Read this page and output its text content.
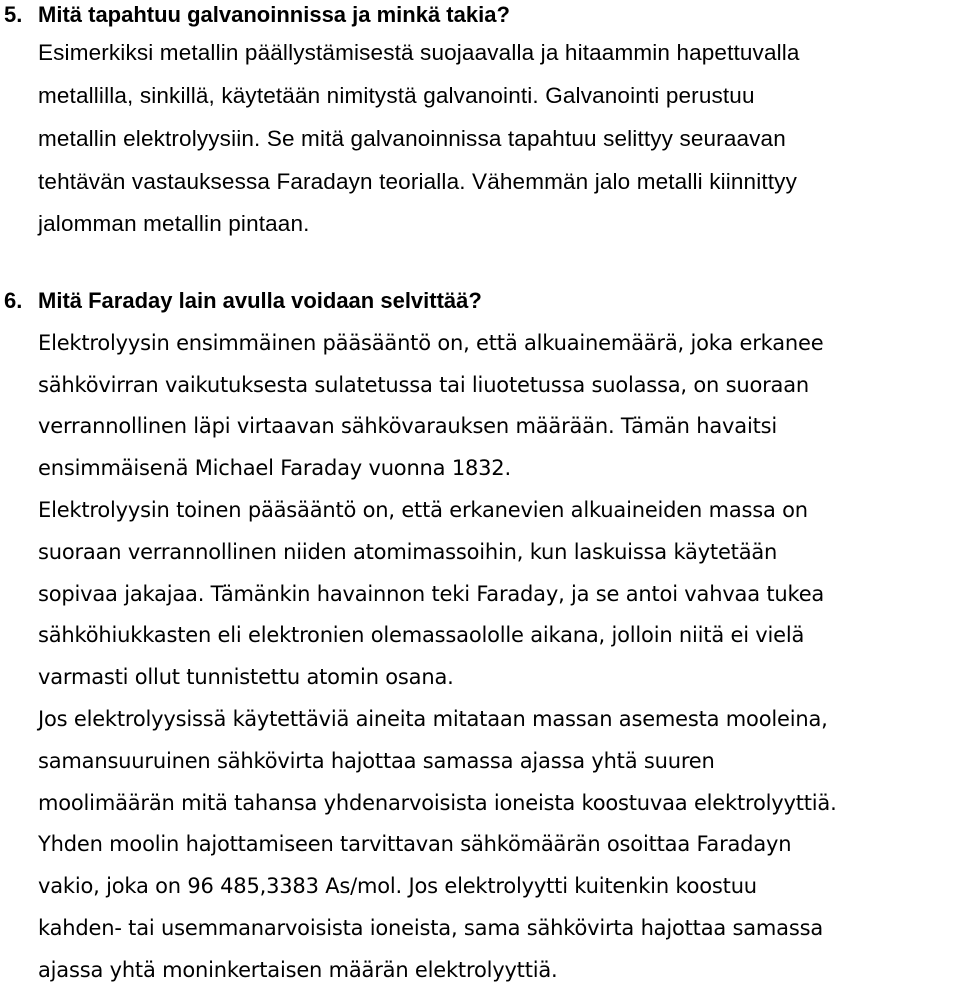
5. Mitä tapahtuu galvanoinnissa ja minkä takia?
Esimerkiksi metallin päällystämisestä suojaavalla ja hitaammin hapettuvalla
metallilla, sinkillä, käytetään nimitystä galvanointi. Galvanointi perustuu
metallin elektrolyysiin. Se mitä galvanoinnissa tapahtuu selittyy seuraavan
tehtävän vastauksessa Faradayn teorialla. Vähemmän jalo metalli kiinnittyy
jalomman metallin pintaan.
6. Mitä Faraday lain avulla voidaan selvittää?
Elektrolyysin ensimmäinen pääsääntö on, että alkuainemäärä, joka erkanee
sähkövirran vaikutuksesta sulatetussa tai liuotetussa suolassa, on suoraan
verrannollinen läpi virtaavan sähkövarauksen määrään. Tämän havaitsi
ensimmäisenä Michael Faraday vuonna 1832.
Elektrolyysin toinen pääsääntö on, että erkanevien alkuaineiden massa on
suoraan verrannollinen niiden atomimassoihin, kun laskuissa käytetään
sopivaa jakajaa. Tämänkin havainnon teki Faraday, ja se antoi vahvaa tukea
sähköhiukkasten eli elektronien olemassaololle aikana, jolloin niitä ei vielä
varmasti ollut tunnistettu atomin osana.
Jos elektrolyysissä käytettäviä aineita mitataan massan asemesta mooleina,
samansuuruinen sähkövirta hajottaa samassa ajassa yhtä suuren
moolimäärän mitä tahansa yhdenarvoisista ioneista koostuvaa elektrolyyttiä.
Yhden moolin hajottamiseen tarvittavan sähkömäärän osoittaa Faradayn
vakio, joka on 96 485,3383 As/mol. Jos elektrolyytti kuitenkin koostuu
kahden- tai usemmanarvoisista ioneista, sama sähkövirta hajottaa samassa
ajassa yhtä moninkertaisen määrän elektrolyyttiä.
